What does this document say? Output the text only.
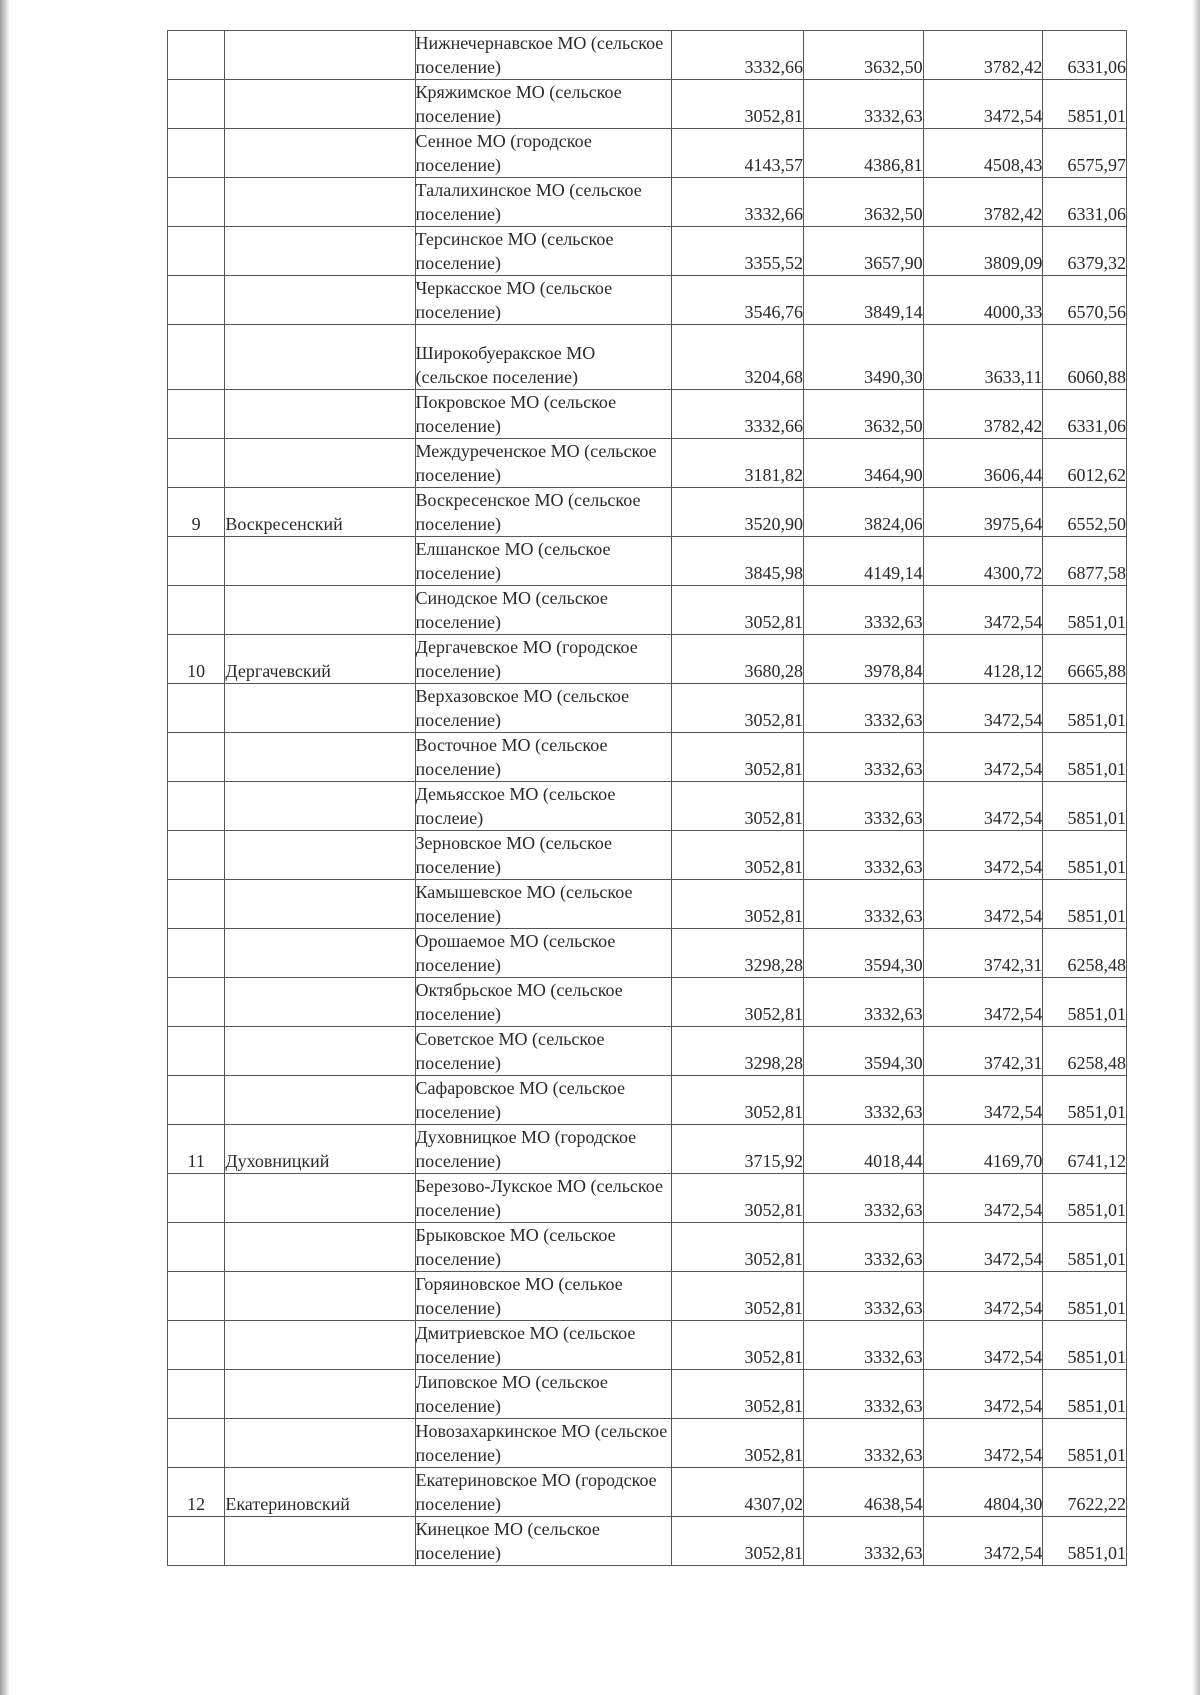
		Нижнечернавское МО (сельское поселение)	3332,66	3632,50	3782,42	6331,06

		Кряжимское МО (сельское поселение)	3052,81	3332,63	3472,54	5851,01

		Сенное МО (городское поселение)	4143,57	4386,81	4508,43	6575,97

		Талалихинское МО (сельское поселение)	3332,66	3632,50	3782,42	6331,06

		Терсинское МО (сельское поселение)	3355,52	3657,90	3809,09	6379,32

		Черкасское МО (сельское поселение)	3546,76	3849,14	4000,33	6570,56

		Широкобуеракское МО (сельское поселение)	3204,68	3490,30	3633,11	6060,88

		Покровское МО (сельское поселение)	3332,66	3632,50	3782,42	6331,06

		Междуреченское МО (сельское поселение)	3181,82	3464,90	3606,44	6012,62

9	Воскресенский	Воскресенское МО (сельское поселение)	3520,90	3824,06	3975,64	6552,50

		Елшанское МО (сельское поселение)	3845,98	4149,14	4300,72	6877,58

		Синодское МО (сельское поселение)	3052,81	3332,63	3472,54	5851,01

10	Дергачевский	Дергачевское МО (городское поселение)	3680,28	3978,84	4128,12	6665,88

		Верхазовское МО (сельское поселение)	3052,81	3332,63	3472,54	5851,01

		Восточное МО (сельское поселение)	3052,81	3332,63	3472,54	5851,01

		Демьясское МО (сельское послеие)	3052,81	3332,63	3472,54	5851,01

		Зерновское МО (сельское поселение)	3052,81	3332,63	3472,54	5851,01

		Камышевское МО (сельское поселение)	3052,81	3332,63	3472,54	5851,01

		Орошаемое МО (сельское поселение)	3298,28	3594,30	3742,31	6258,48

		Октябрьское МО (сельское поселение)	3052,81	3332,63	3472,54	5851,01

		Советское МО (сельское поселение)	3298,28	3594,30	3742,31	6258,48

		Сафаровское МО (сельское поселение)	3052,81	3332,63	3472,54	5851,01

11	Духовницкий	Духовницкое МО (городское поселение)	3715,92	4018,44	4169,70	6741,12

		Березово-Лукское МО (сельское поселение)	3052,81	3332,63	3472,54	5851,01

		Брыковское МО (сельское поселение)	3052,81	3332,63	3472,54	5851,01

		Горяиновское МО (селькое поселение)	3052,81	3332,63	3472,54	5851,01

		Дмитриевское МО (сельское поселение)	3052,81	3332,63	3472,54	5851,01

		Липовское МО (сельское поселение)	3052,81	3332,63	3472,54	5851,01

		Новозахаркинское МО (сельское поселение)	3052,81	3332,63	3472,54	5851,01

12	Екатериновский	Екатериновское МО (городское поселение)	4307,02	4638,54	4804,30	7622,22

		Кинецкое МО (сельское поселение)	3052,81	3332,63	3472,54	5851,01
